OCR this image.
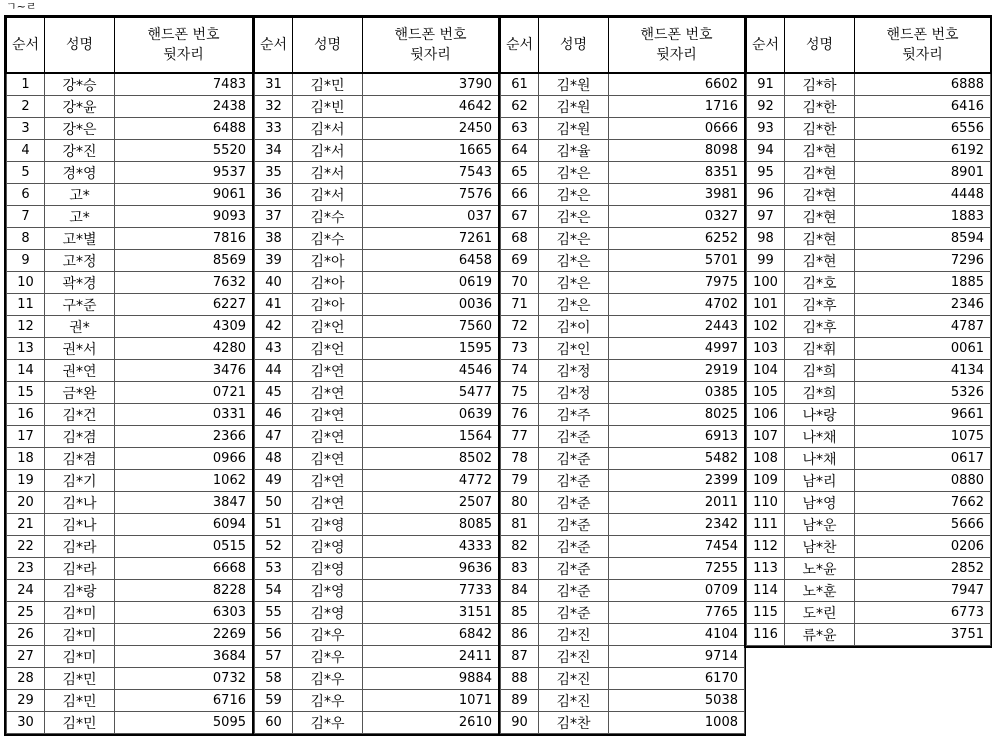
ㄱ~ㄹ
순서	성명	핸드폰 번호
뒷자리

1	강*승	7483
2	강*윤	2438
3	강*은	6488
4	강*진	5520
5	경*영	9537
6	고*	9061
7	고*	9093
8	고*별	7816
9	고*정	8569
10	곽*경	7632
11	구*준	6227
12	권*	4309
13	권*서	4280
14	권*연	3476
15	금*완	0721
16	김*건	0331
17	김*겸	2366
18	김*겸	0966
19	김*기	1062
20	김*나	3847
21	김*나	6094
22	김*라	0515
23	김*라	6668
24	김*랑	8228
25	김*미	6303
26	김*미	2269
27	김*미	3684
28	김*민	0732
29	김*민	6716
30	김*민	5095
순서	성명	핸드폰 번호
뒷자리

31	김*민	3790
32	김*빈	4642
33	김*서	2450
34	김*서	1665
35	김*서	7543
36	김*서	7576
37	김*수	037
38	김*수	7261
39	김*아	6458
40	김*아	0619
41	김*아	0036
42	김*언	7560
43	김*언	1595
44	김*연	4546
45	김*연	5477
46	김*연	0639
47	김*연	1564
48	김*연	8502
49	김*연	4772
50	김*연	2507
51	김*영	8085
52	김*영	4333
53	김*영	9636
54	김*영	7733
55	김*영	3151
56	김*우	6842
57	김*우	2411
58	김*우	9884
59	김*우	1071
60	김*우	2610
순서	성명	핸드폰 번호
뒷자리

61	김*원	6602
62	김*원	1716
63	김*원	0666
64	김*율	8098
65	김*은	8351
66	김*은	3981
67	김*은	0327
68	김*은	6252
69	김*은	5701
70	김*은	7975
71	김*은	4702
72	김*이	2443
73	김*인	4997
74	김*정	2919
75	김*정	0385
76	김*주	8025
77	김*준	6913
78	김*준	5482
79	김*준	2399
80	김*준	2011
81	김*준	2342
82	김*준	7454
83	김*준	7255
84	김*준	0709
85	김*준	7765
86	김*진	4104
87	김*진	9714
88	김*진	6170
89	김*진	5038
90	김*찬	1008
순서	성명	핸드폰 번호
뒷자리

91	김*하	6888
92	김*한	6416
93	김*한	6556
94	김*현	6192
95	김*현	8901
96	김*현	4448
97	김*현	1883
98	김*현	8594
99	김*현	7296
100	김*호	1885
101	김*후	2346
102	김*후	4787
103	김*휘	0061
104	김*희	4134
105	김*희	5326
106	나*랑	9661
107	나*채	1075
108	나*채	0617
109	남*리	0880
110	남*영	7662
111	남*운	5666
112	남*찬	0206
113	노*윤	2852
114	노*훈	7947
115	도*린	6773
116	류*윤	3751
